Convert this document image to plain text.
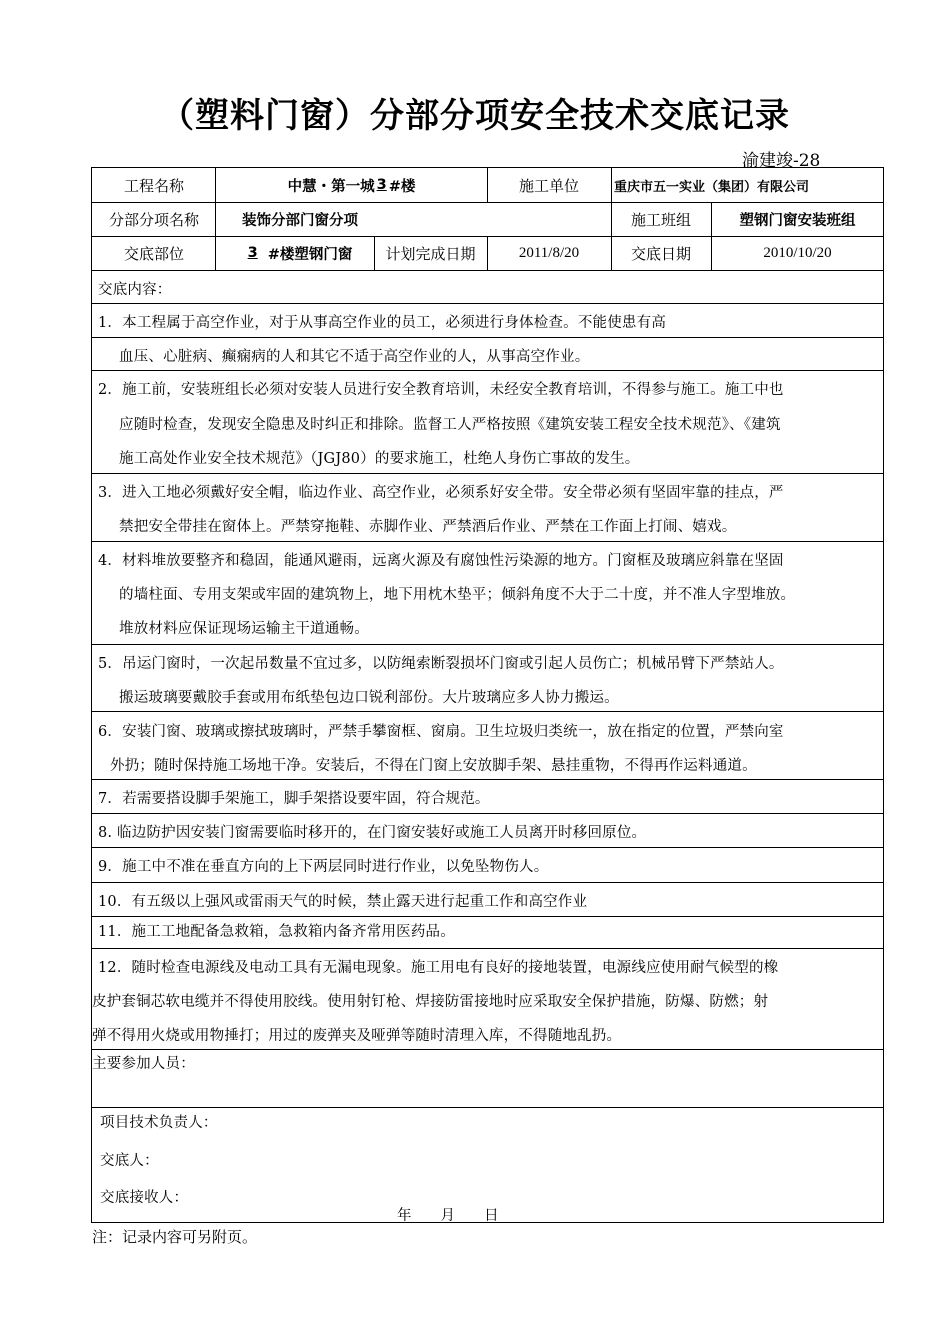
（塑料门窗）分部分项安全技术交底记录
渝建竣-28
工程名称	中慧・第一城 3 #楼	施工单位	重庆市五一实业（集团）有限公司
分部分项名称	装饰分部门窗分项	施工班组	塑钢门窗安装班组
交底部位	3 #楼塑钢门窗	计划完成日期	2011/8/20	交底日期	2010/10/20
交底内容：
1．本工程属于高空作业，对于从事高空作业的员工，必须进行身体检查。不能使患有高
血压、心脏病、癫痫病的人和其它不适于高空作业的人，从事高空作业。
2．施工前，安装班组长必须对安装人员进行安全教育培训，未经安全教育培训，不得参与施工。施工中也
应随时检查，发现安全隐患及时纠正和排除。监督工人严格按照《建筑安装工程安全技术规范》、《建筑
施工高处作业安全技术规范》（JGJ80）的要求施工，杜绝人身伤亡事故的发生。
3．进入工地必须戴好安全帽，临边作业、高空作业，必须系好安全带。安全带必须有坚固牢靠的挂点，严
禁把安全带挂在窗体上。严禁穿拖鞋、赤脚作业、严禁酒后作业、严禁在工作面上打闹、嬉戏。
4．材料堆放要整齐和稳固，能通风避雨，远离火源及有腐蚀性污染源的地方。门窗框及玻璃应斜靠在坚固
的墙柱面、专用支架或牢固的建筑物上，地下用枕木垫平；倾斜角度不大于二十度，并不准人字型堆放。
堆放材料应保证现场运输主干道通畅。
5．吊运门窗时，一次起吊数量不宜过多，以防绳索断裂损坏门窗或引起人员伤亡；机械吊臂下严禁站人。
搬运玻璃要戴胶手套或用布纸垫包边口锐利部份。大片玻璃应多人协力搬运。
6．安装门窗、玻璃或擦拭玻璃时，严禁手攀窗框、窗扇。卫生垃圾归类统一，放在指定的位置，严禁向室
外扔；随时保持施工场地干净。安装后，不得在门窗上安放脚手架、悬挂重物，不得再作运料通道。
7．若需要搭设脚手架施工，脚手架搭设要牢固，符合规范。
8. 临边防护因安装门窗需要临时移开的，在门窗安装好或施工人员离开时移回原位。
9．施工中不准在垂直方向的上下两层同时进行作业，以免坠物伤人。
10．有五级以上强风或雷雨天气的时候，禁止露天进行起重工作和高空作业
11．施工工地配备急救箱，急救箱内备齐常用医药品。
12．随时检查电源线及电动工具有无漏电现象。施工用电有良好的接地装置，电源线应使用耐气候型的橡
皮护套铜芯软电缆并不得使用胶线。使用射钉枪、焊接防雷接地时应采取安全保护措施，防爆、防燃；射
弹不得用火烧或用物捶打；用过的废弹夹及哑弹等随时清理入库，不得随地乱扔。
主要参加人员：
项目技术负责人：
交底人：
交底接收人：
年      月      日
注：记录内容可另附页。
